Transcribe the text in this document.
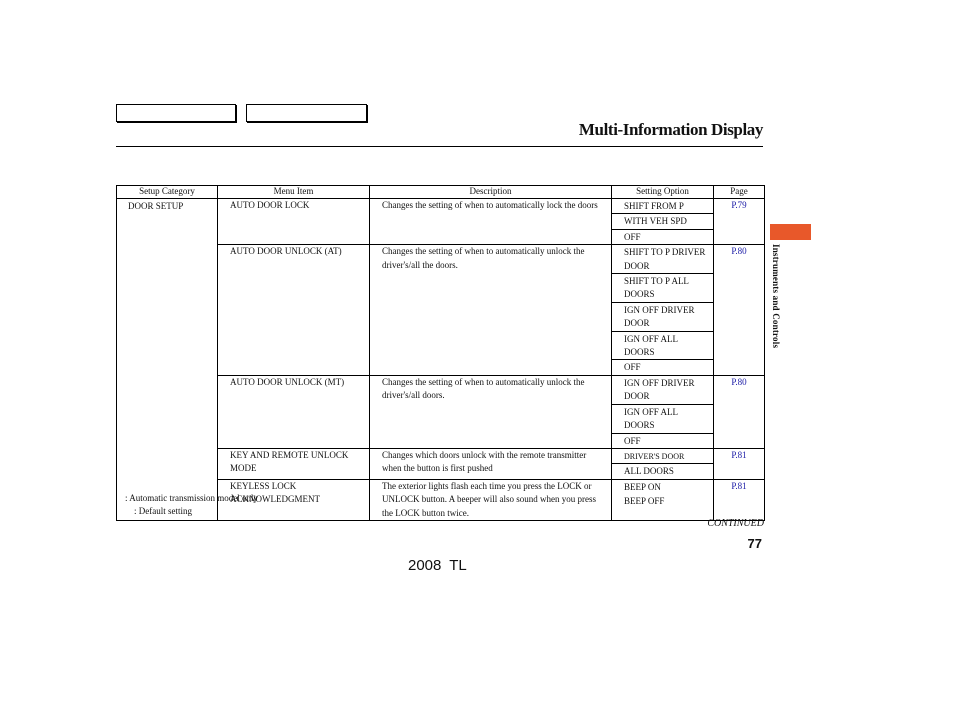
Multi-Information Display
Instruments and Controls
Setup Category	Menu Item	Description	Setting Option	Page
DOOR SETUP	AUTO DOOR LOCK	Changes the setting of when to automatically lock the doors	SHIFT FROM P	P.79
			WITH VEH SPD	
			OFF	
	AUTO DOOR UNLOCK (AT)	Changes the setting of when to automatically unlock the driver's/all the doors.	SHIFT TO P DRIVER DOOR	P.80
			SHIFT TO P ALL DOORS	
			IGN OFF DRIVER DOOR	
			IGN OFF ALL DOORS	
			OFF	
	AUTO DOOR UNLOCK (MT)	Changes the setting of when to automatically unlock the driver's/all doors.	IGN OFF DRIVER DOOR	P.80
			IGN OFF ALL DOORS	
			OFF	
	KEY AND REMOTE UNLOCK MODE	Changes which doors unlock with the remote transmitter when the button is first pushed	DRIVER'S DOOR	P.81
			ALL DOORS	
	KEYLESS LOCK ACKNOWLEDGMENT	The exterior lights flash each time you press the LOCK or UNLOCK button. A beeper will also sound when you press the LOCK button twice.	BEEP ON	P.81
			BEEP OFF	
: Automatic transmission model only
: Default setting
CONTINUED
77
2008 TL
